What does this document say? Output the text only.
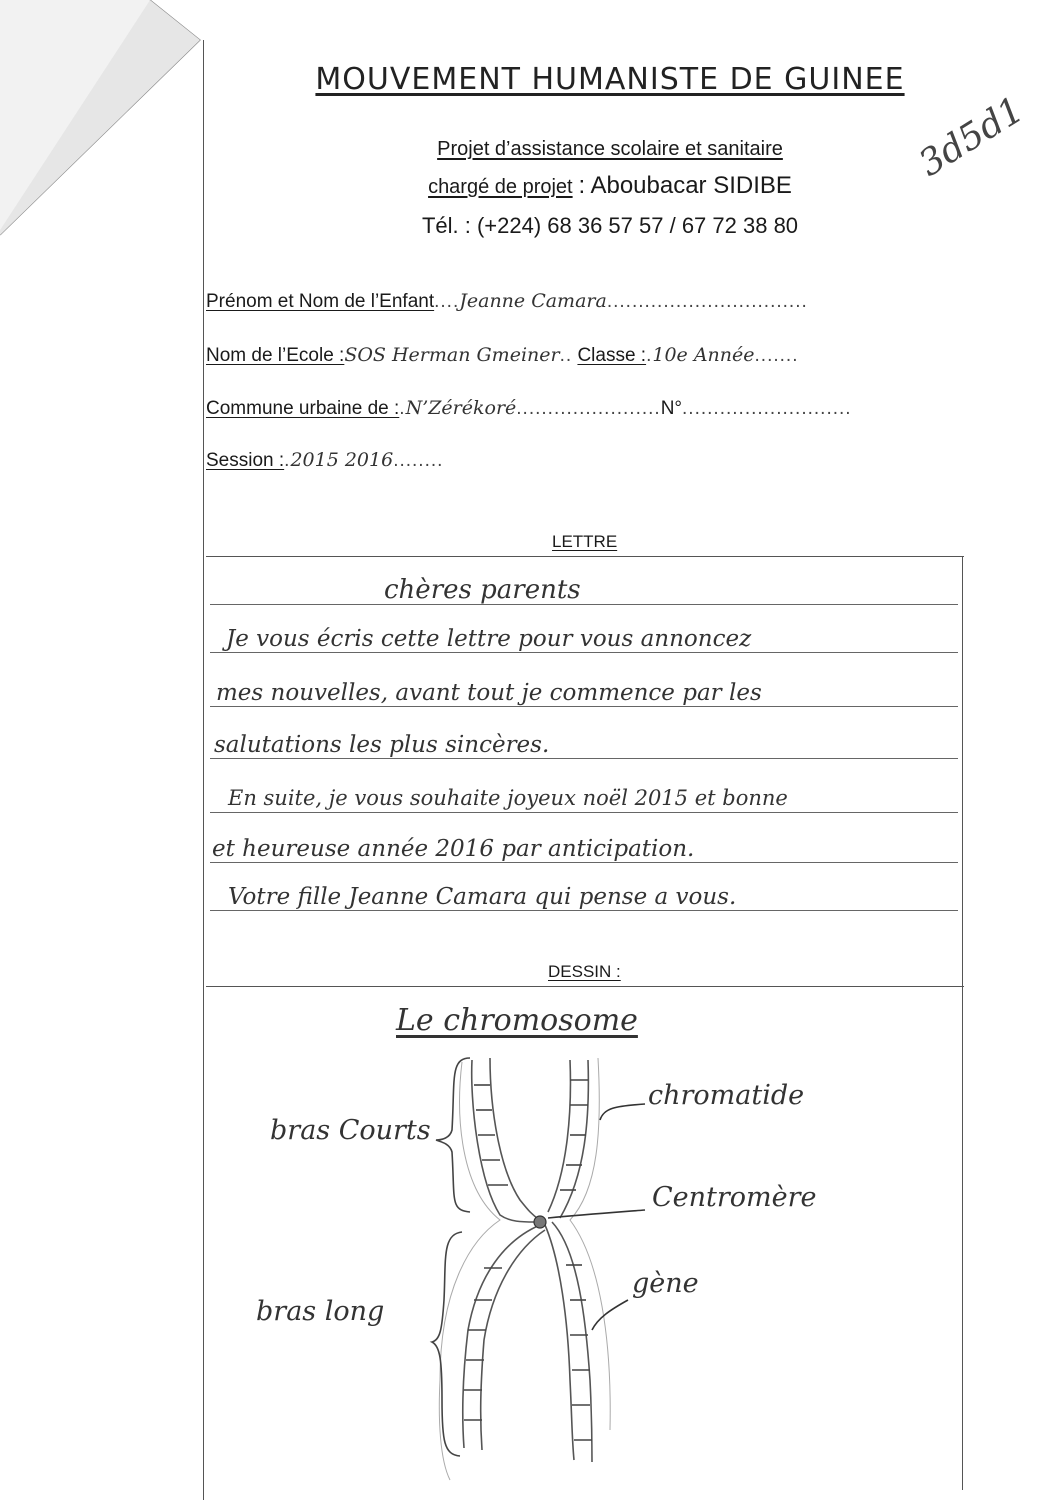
MOUVEMENT HUMANISTE DE GUINEE
Projet d’assistance scolaire et sanitaire
chargé de projet : Aboubacar SIDIBE
Tél. : (+224) 68 36 57 57 / 67 72 38 80
3d5d1
Prénom et Nom de l’Enfant....Jeanne Camara................................
Nom de l’Ecole :SOS Herman Gmeiner.. Classe :.10e Année.......
Commune urbaine de :.N’Zérékoré.......................N°...........................
Session :.2015 2016........
LETTRE
chères parents
Je vous écris cette lettre pour vous annoncez
mes nouvelles, avant tout je commence par les
salutations les plus sincères.
En suite, je vous souhaite joyeux noël 2015 et bonne
et heureuse année 2016 par anticipation.
Votre fille Jeanne Camara qui pense a vous.
DESSIN :
Le chromosome
bras Courts
bras long
chromatide
Centromère
gène
